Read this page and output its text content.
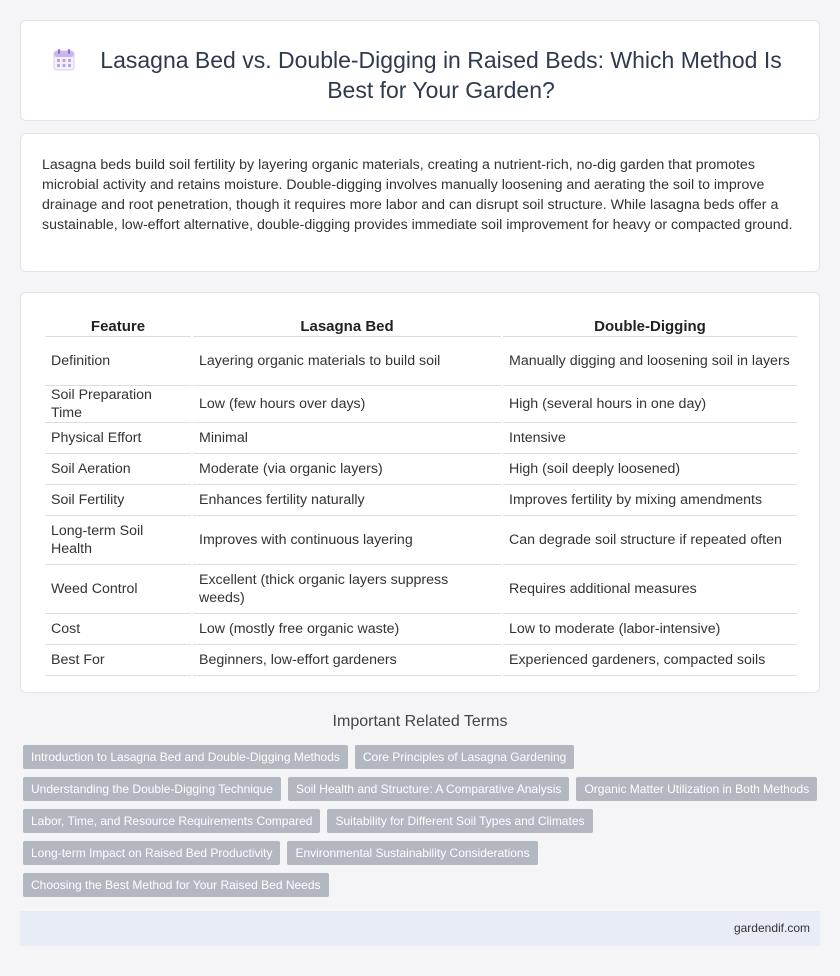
Lasagna Bed vs. Double-Digging in Raised Beds: Which Method Is Best for Your Garden?

Lasagna beds build soil fertility by layering organic materials, creating a nutrient-rich, no-dig garden that promotes microbial activity and retains moisture. Double-digging involves manually loosening and aerating the soil to improve drainage and root penetration, though it requires more labor and can disrupt soil structure. While lasagna beds offer a sustainable, low-effort alternative, double-digging provides immediate soil improvement for heavy or compacted ground.

Feature	Lasagna Bed	Double-Digging
Definition	Layering organic materials to build soil	Manually digging and loosening soil in layers
Soil Preparation Time	Low (few hours over days)	High (several hours in one day)
Physical Effort	Minimal	Intensive
Soil Aeration	Moderate (via organic layers)	High (soil deeply loosened)
Soil Fertility	Enhances fertility naturally	Improves fertility by mixing amendments
Long-term Soil Health	Improves with continuous layering	Can degrade soil structure if repeated often
Weed Control	Excellent (thick organic layers suppress weeds)	Requires additional measures
Cost	Low (mostly free organic waste)	Low to moderate (labor-intensive)
Best For	Beginners, low-effort gardeners	Experienced gardeners, compacted soils
Important Related Terms
Introduction to Lasagna Bed and Double-Digging Methods	Core Principles of Lasagna Gardening
Understanding the Double-Digging Technique	Soil Health and Structure: A Comparative Analysis	Organic Matter Utilization in Both Methods
Labor, Time, and Resource Requirements Compared	Suitability for Different Soil Types and Climates
Long-term Impact on Raised Bed Productivity	Environmental Sustainability Considerations
Choosing the Best Method for Your Raised Bed Needs
gardendif.com
